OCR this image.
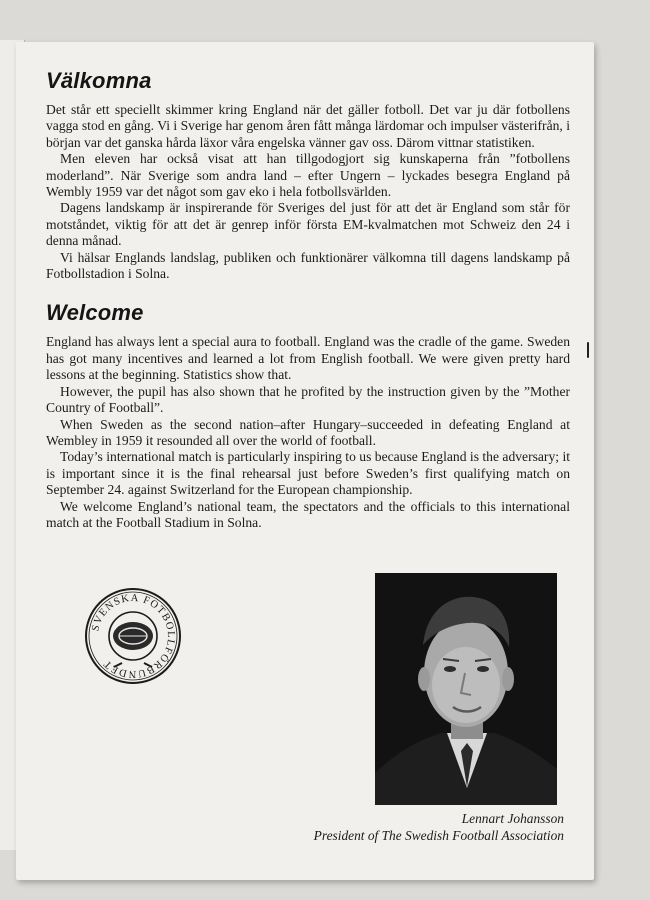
Välkomna

Det står ett speciellt skimmer kring England när det gäller fotboll. Det var ju där fotbollens vagga stod en gång. Vi i Sverige har genom åren fått många lärdomar och impulser västerifrån, i början var det ganska hårda läxor våra engelska vänner gav oss. Därom vittnar statistiken.

Men eleven har också visat att han tillgodogjort sig kunskaperna från ”fotbollens moderland”. När Sverige som andra land – efter Ungern – lyckades besegra England på Wembly 1959 var det något som gav eko i hela fotbollsvärlden.

Dagens landskamp är inspirerande för Sveriges del just för att det är England som står för motståndet, viktig för att det är genrep inför första EM-kvalmatchen mot Schweiz den 24 i denna månad.

Vi hälsar Englands landslag, publiken och funktionärer välkomna till dagens landskamp på Fotbollstadion i Solna.

Welcome

England has always lent a special aura to football. England was the cradle of the game. Sweden has got many incentives and learned a lot from English football. We were given pretty hard lessons at the beginning. Statistics show that.

However, the pupil has also shown that he profited by the instruction given by the ”Mother Country of Football”.

When Sweden as the second nation–after Hungary–succeeded in defeating England at Wembley in 1959 it resounded all over the world of football.

Today’s international match is particularly inspiring to us because England is the adversary; it is important since it is the final rehearsal just before Sweden’s first qualifying match on September 24. against Switzerland for the European championship.

We welcome England’s national team, the spectators and the officials to this international match at the Football Stadium in Solna.

SVENSKA FOTBOLLFÖRBUNDET
Lennart Johansson
President of The Swedish Football Association
